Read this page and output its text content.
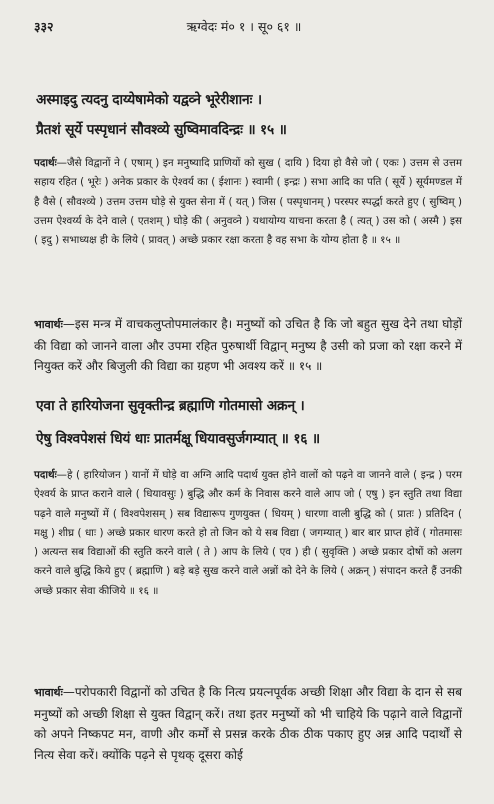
३३२	ऋग्वेदः मं० १ । सू० ६१ ॥
अस्माइदु त्यदनु दाय्येषामेको यद्वव्ने भूरेरीशानः ।
प्रैतशं सूर्ये पस्पृधानं सौवश्व्ये सुष्विमावदिन्द्रः ॥ १५ ॥

पदार्थः—जैसे विद्वानों ने ( एषाम् ) इन मनुष्यादि प्राणियों को सुख ( दायि ) दिया हो वैसे जो ( एकः ) उत्तम से उत्तम सहाय रहित ( भूरेः ) अनेक प्रकार के ऐश्वर्य का ( ईशानः ) स्वामी ( इन्द्रः ) सभा आदि का पति ( सूर्ये ) सूर्यमण्डल में है वैसे ( सौवश्व्ये ) उत्तम उत्तम घोड़े से युक्त सेना में ( यत् ) जिस ( पस्पृधानम् ) परस्पर स्पर्द्धा करते हुए ( सुष्विम् ) उत्तम ऐश्वर्य्य के देने वाले ( एतशम् ) घोड़े की ( अनुवव्ने ) यथायोग्य याचना करता है ( त्यत् ) उस को ( अस्मै ) इस ( इदु ) सभाध्यक्ष ही के लिये ( प्रावत् ) अच्छे प्रकार रक्षा करता है वह सभा के योग्य होता है ॥ १५ ॥

भावार्थः—इस मन्त्र में वाचकलुप्तोपमालंकार है। मनुष्यों को उचित है कि जो बहुत सुख देने तथा घोड़ों की विद्या को जानने वाला और उपमा रहित पुरुषार्थी विद्वान् मनुष्य है उसी को प्रजा को रक्षा करने में नियुक्त करें और बिजुली की विद्या का ग्रहण भी अवश्य करें ॥ १५ ॥

एवा ते हारियोजना सुवृक्तीन्द्र ब्रह्माणि गोतमासो अक्रन् ।
ऐषु विश्वपेशसं धियं धाः प्रातर्मक्षू धियावसुर्जगम्यात् ॥ १६ ॥

पदार्थः—हे ( हारियोजन ) यानों में घोड़े वा अग्नि आदि पदार्थ युक्त होने वालों को पढ़ने वा जानने वाले ( इन्द्र ) परम ऐश्वर्य के प्राप्त कराने वाले ( धियावसुः ) बुद्धि और कर्म के निवास करने वाले आप जो ( एषु ) इन स्तुति तथा विद्या पढ़ने वाले मनुष्यों में ( विश्वपेशसम् ) सब विद्यारूप गुणयुक्त ( धियम् ) धारणा वाली बुद्धि को ( प्रातः ) प्रतिदिन ( मक्षु ) शीघ्र ( धाः ) अच्छे प्रकार धारण करते हो तो जिन को ये सब विद्या ( जगम्यात् ) बार बार प्राप्त होवें ( गोतमासः ) अत्यन्त सब विद्याओं की स्तुति करने वाले ( ते ) आप के लिये ( एव ) ही ( सुवृक्ति ) अच्छे प्रकार दोषों को अलग करने वाले बुद्धि किये हुए ( ब्रह्माणि ) बड़े बड़े सुख करने वाले अन्नों को देने के लिये ( अक्रन् ) संपादन करते हैं उनकी अच्छे प्रकार सेवा कीजिये ॥ १६ ॥

भावार्थः—परोपकारी विद्वानों को उचित है कि नित्य प्रयत्नपूर्वक अच्छी शिक्षा और विद्या के दान से सब मनुष्यों को अच्छी शिक्षा से युक्त विद्वान् करें। तथा इतर मनुष्यों को भी चाहिये कि पढ़ाने वाले विद्वानों को अपने निष्कपट मन, वाणी और कर्मों से प्रसन्न करके ठीक ठीक पकाए हुए अन्न आदि पदार्थों से नित्य सेवा करें। क्योंकि पढ़ने से पृथक् दूसरा कोई
